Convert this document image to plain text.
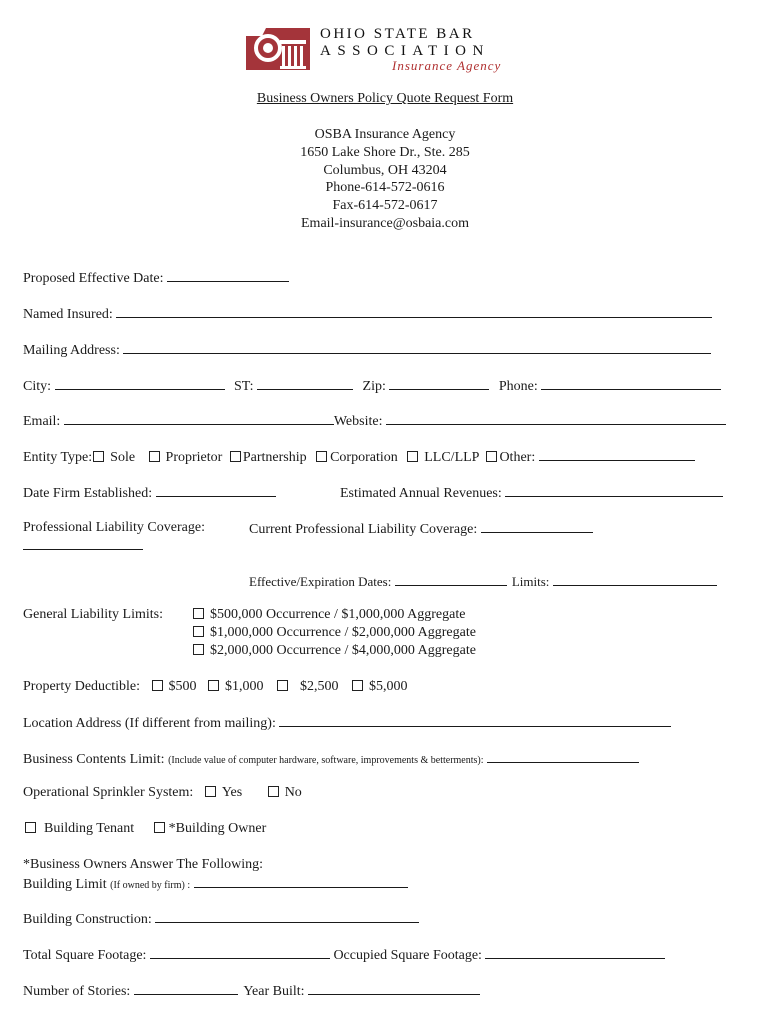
OHIO STATE BAR
ASSOCIATION
Insurance Agency
Business Owners Policy Quote Request Form
OSBA Insurance Agency
1650 Lake Shore Dr., Ste. 285
Columbus, OH 43204
Phone-614-572-0616
Fax-614-572-0617
Email-insurance@osbaia.com
Proposed Effective Date:
Named Insured:
Mailing Address:
City:	ST:	Zip:	Phone:
Email:	Website:
Entity Type: Sole Proprietor Partnership Corporation LLC/LLP Other:
Date Firm Established:	Estimated Annual Revenues:
Professional Liability Coverage:	Current Professional Liability Coverage:
Effective/Expiration Dates:	Limits:
General Liability Limits:	$500,000 Occurrence / $1,000,000 Aggregate
$1,000,000 Occurrence / $2,000,000 Aggregate
$2,000,000 Occurrence / $4,000,000 Aggregate
Property Deductible: $500 $1,000	$2,500 $5,000
Location Address (If different from mailing):
Business Contents Limit: (Include value of computer hardware, software, improvements & betterments):
Operational Sprinkler System: Yes	No
Building Tenant *Building Owner
*Business Owners Answer The Following:
Building Limit (If owned by firm) :
Building Construction:
Total Square Footage:	Occupied Square Footage:
Number of Stories:	Year Built:
